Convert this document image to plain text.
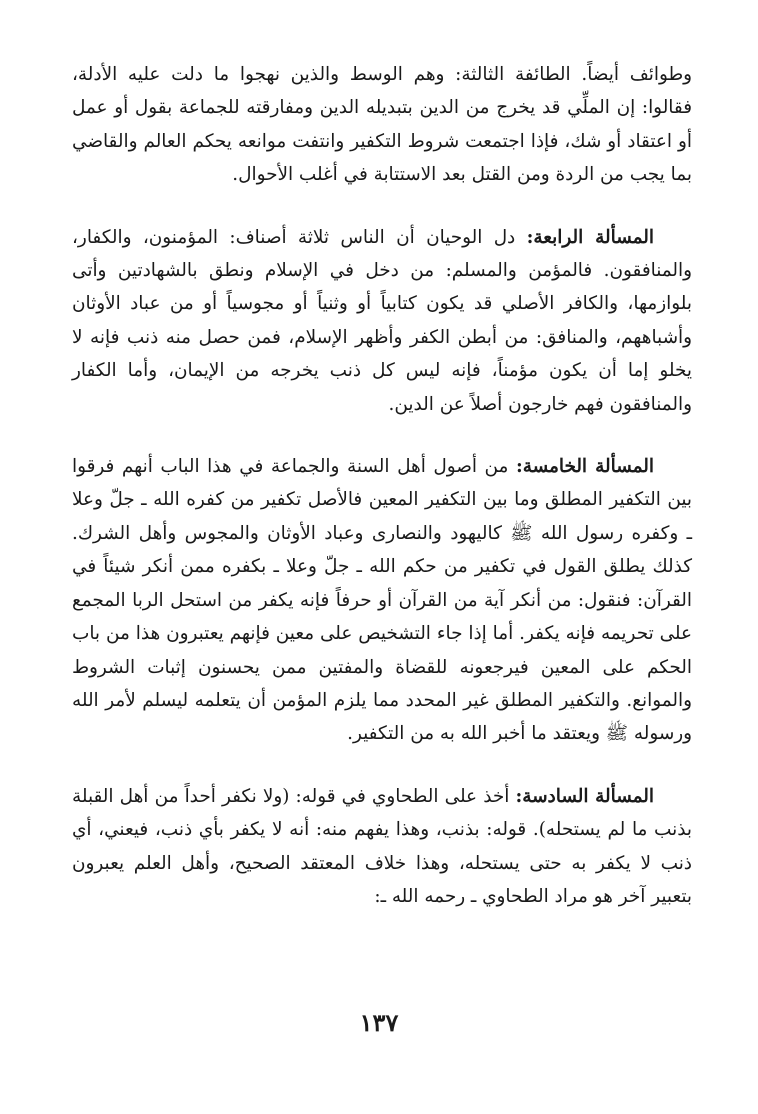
وطوائف أيضاً. الطائفة الثالثة: وهم الوسط والذين نهجوا ما دلت عليه الأدلة، فقالوا: إن الملِّي قد يخرج من الدين بتبديله الدين ومفارقته للجماعة بقول أو عمل أو اعتقاد أو شك، فإذا اجتمعت شروط التكفير وانتفت موانعه يحكم العالم والقاضي بما يجب من الردة ومن القتل بعد الاستتابة في أغلب الأحوال.

المسألة الرابعة: دل الوحيان أن الناس ثلاثة أصناف: المؤمنون، والكفار، والمنافقون. فالمؤمن والمسلم: من دخل في الإسلام ونطق بالشهادتين وأتى بلوازمها، والكافر الأصلي قد يكون كتابياً أو وثنياً أو مجوسياً أو من عباد الأوثان وأشباههم، والمنافق: من أبطن الكفر وأظهر الإسلام، فمن حصل منه ذنب فإنه لا يخلو إما أن يكون مؤمناً، فإنه ليس كل ذنب يخرجه من الإيمان، وأما الكفار والمنافقون فهم خارجون أصلاً عن الدين.

المسألة الخامسة: من أصول أهل السنة والجماعة في هذا الباب أنهم فرقوا بين التكفير المطلق وما بين التكفير المعين فالأصل تكفير من كفره الله ـ جلّ وعلا ـ وكفره رسول الله ﷺ كاليهود والنصارى وعباد الأوثان والمجوس وأهل الشرك. كذلك يطلق القول في تكفير من حكم الله ـ جلّ وعلا ـ بكفره ممن أنكر شيئاً في القرآن: فنقول: من أنكر آية من القرآن أو حرفاً فإنه يكفر من استحل الربا المجمع على تحريمه فإنه يكفر. أما إذا جاء التشخيص على معين فإنهم يعتبرون هذا من باب الحكم على المعين فيرجعونه للقضاة والمفتين ممن يحسنون إثبات الشروط والموانع. والتكفير المطلق غير المحدد مما يلزم المؤمن أن يتعلمه ليسلم لأمر الله ورسوله ﷺ ويعتقد ما أخبر الله به من التكفير.

المسألة السادسة: أخذ على الطحاوي في قوله: (ولا نكفر أحداً من أهل القبلة بذنب ما لم يستحله). قوله: بذنب، وهذا يفهم منه: أنه لا يكفر بأي ذنب، فيعني، أي ذنب لا يكفر به حتى يستحله، وهذا خلاف المعتقد الصحيح، وأهل العلم يعبرون بتعبير آخر هو مراد الطحاوي ـ رحمه الله ـ:

١٣٧
